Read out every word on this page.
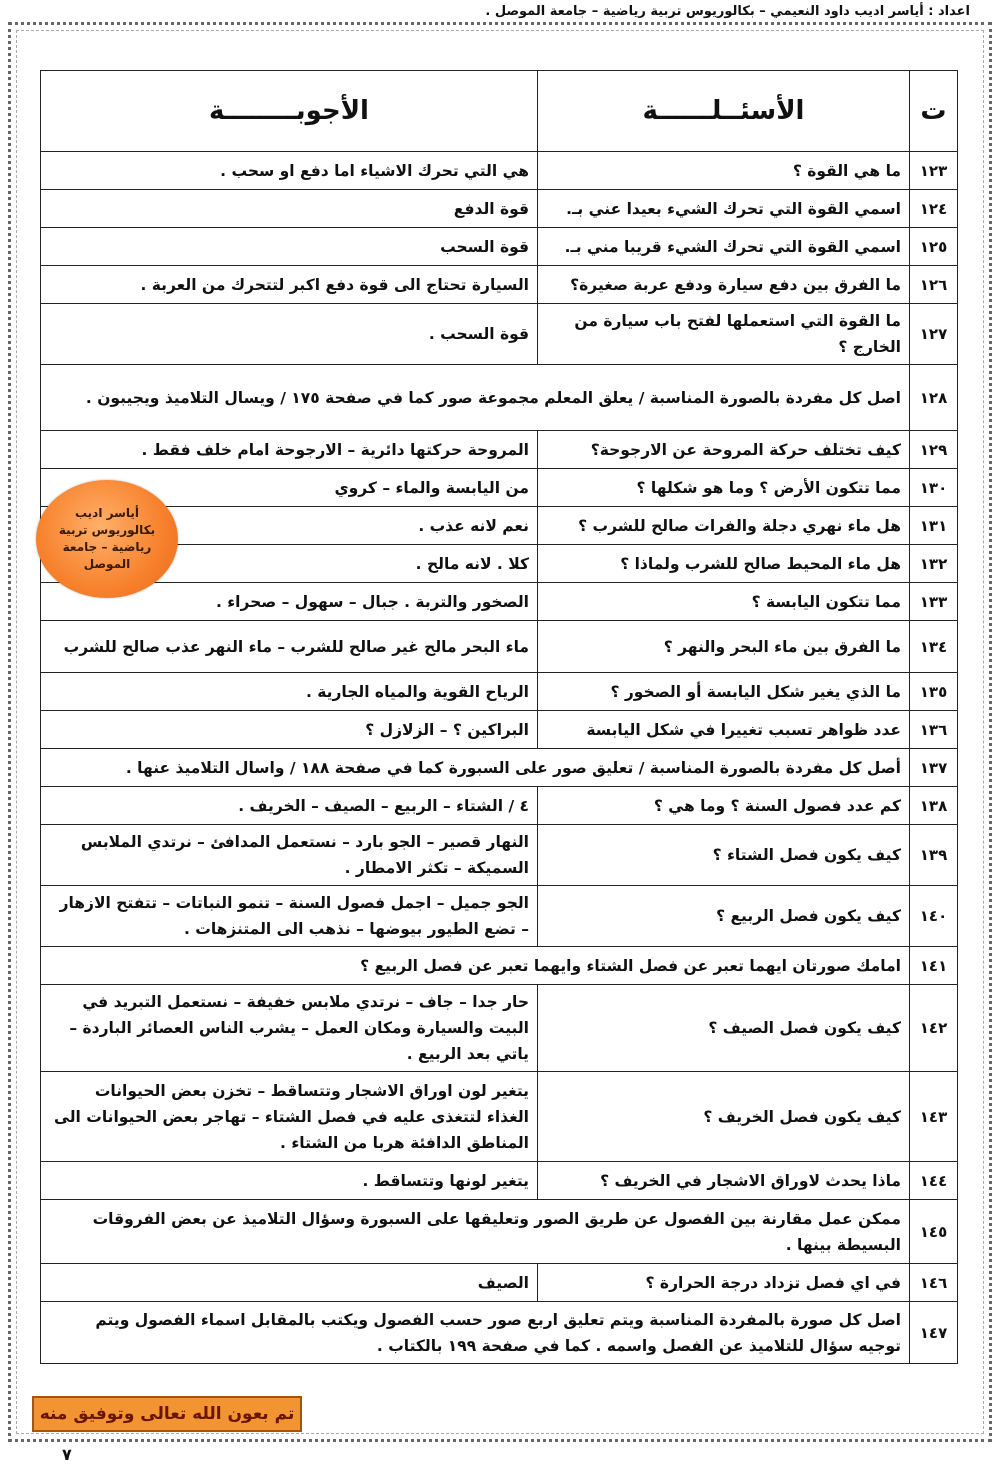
اعداد : أياسر اديب داود النعيمي – بكالوريوس تربية رياضية – جامعة الموصل .
ت	الأسئــلــــــة	الأجوبــــــــة
١٢٣	ما هي القوة ؟	هي التي تحرك الاشياء اما دفع او سحب .
١٢٤	اسمي القوة التي تحرك الشيء بعيدا عني بـ.	قوة الدفع
١٢٥	اسمي القوة التي تحرك الشيء قريبا مني بـ.	قوة السحب
١٢٦	ما الفرق بين دفع سيارة ودفع عربة صغيرة؟	السيارة تحتاج الى قوة دفع اكبر لتتحرك من العربة .
١٢٧	ما القوة التي استعملها لفتح باب سيارة من الخارج ؟	قوة السحب .
١٢٨	اصل كل مفردة بالصورة المناسبة / يعلق المعلم مجموعة صور كما في صفحة ١٧٥ / ويسال التلاميذ ويجيبون .	
١٢٩	كيف تختلف حركة المروحة عن الارجوحة؟	المروحة حركتها دائرية – الارجوحة امام خلف فقط .
١٣٠	مما تتكون الأرض ؟ وما هو شكلها ؟	من اليابسة والماء – كروي
١٣١	هل ماء نهري دجلة والفرات صالح للشرب ؟	نعم لانه عذب .
١٣٢	هل ماء المحيط صالح للشرب ولماذا ؟	كلا . لانه مالح .
١٣٣	مما تتكون اليابسة ؟	الصخور والتربة . جبال – سهول – صحراء .
١٣٤	ما الفرق بين ماء البحر والنهر ؟	ماء البحر مالح غير صالح للشرب – ماء النهر عذب صالح للشرب
١٣٥	ما الذي يغير شكل اليابسة أو الصخور ؟	الرياح القوية والمياه الجارية .
١٣٦	عدد ظواهر تسبب تغييرا في شكل اليابسة	البراكين ؟ – الزلازل ؟
١٣٧	أصل كل مفردة بالصورة المناسبة / تعليق صور على السبورة كما في صفحة ١٨٨ / واسال التلاميذ عنها .	
١٣٨	كم عدد فصول السنة ؟ وما هي ؟	٤ / الشتاء – الربيع – الصيف – الخريف .
١٣٩	كيف يكون فصل الشتاء ؟	النهار قصير – الجو بارد – نستعمل المدافئ – نرتدي الملابس السميكة – تكثر الامطار .
١٤٠	كيف يكون فصل الربيع ؟	الجو جميل – اجمل فصول السنة – تنمو النباتات – تتفتح الازهار – تضع الطيور بيوضها – نذهب الى المتنزهات .
١٤١	امامك صورتان ايهما تعبر عن فصل الشتاء وايهما تعبر عن فصل الربيع ؟	
١٤٢	كيف يكون فصل الصيف ؟	حار جدا – جاف – نرتدي ملابس خفيفة – نستعمل التبريد في البيت والسيارة ومكان العمل – يشرب الناس العصائر الباردة – ياتي بعد الربيع .
١٤٣	كيف يكون فصل الخريف ؟	يتغير لون اوراق الاشجار وتتساقط – تخزن بعض الحيوانات الغذاء لتتغذى عليه في فصل الشتاء – تهاجر بعض الحيوانات الى المناطق الدافئة هربا من الشتاء .
١٤٤	ماذا يحدث لاوراق الاشجار في الخريف ؟	يتغير لونها وتتساقط .
١٤٥	ممكن عمل مقارنة بين الفصول عن طريق الصور وتعليقها على السبورة وسؤال التلاميذ عن بعض الفروقات البسيطة بينها .	
١٤٦	في اي فصل تزداد درجة الحرارة ؟	الصيف
١٤٧	اصل كل صورة بالمفردة المناسبة ويتم تعليق اربع صور حسب الفصول ويكتب بالمقابل اسماء الفصول ويتم توجيه سؤال للتلاميذ عن الفصل واسمه . كما في صفحة ١٩٩ بالكتاب .	
أياسر اديب
بكالوريوس تربية
رياضية – جامعة
الموصل
تم بعون الله تعالى وتوفيق منه
٧
